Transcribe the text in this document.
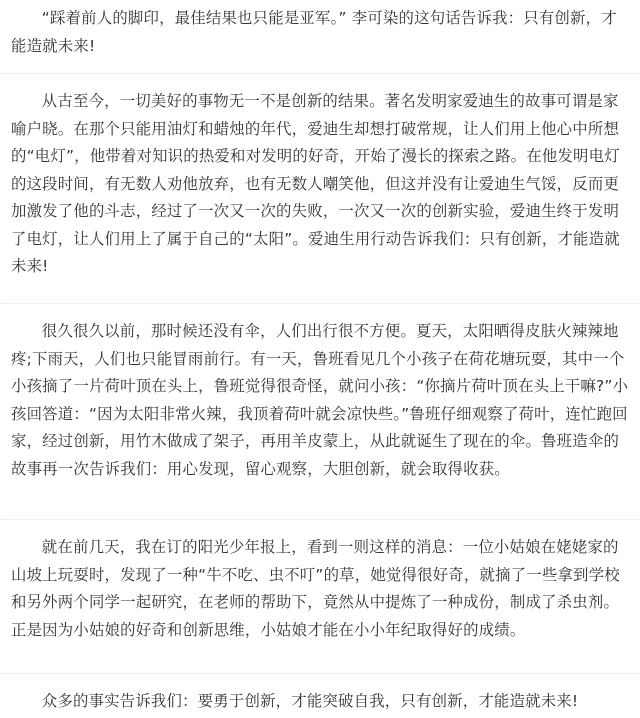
“踩着前人的脚印，最佳结果也只能是亚军。” 李可染的这句话告诉我：只有创新，才能造就未来!

从古至今，一切美好的事物无一不是创新的结果。著名发明家爱迪生的故事可谓是家喻户晓。在那个只能用油灯和蜡烛的年代，爱迪生却想打破常规，让人们用上他心中所想的“电灯”，他带着对知识的热爱和对发明的好奇，开始了漫长的探索之路。在他发明电灯的这段时间，有无数人劝他放弃，也有无数人嘲笑他，但这并没有让爱迪生气馁，反而更加激发了他的斗志，经过了一次又一次的失败，一次又一次的创新实验，爱迪生终于发明了电灯，让人们用上了属于自己的“太阳”。爱迪生用行动告诉我们：只有创新，才能造就未来!

很久很久以前，那时候还没有伞，人们出行很不方便。夏天，太阳晒得皮肤火辣辣地疼;下雨天，人们也只能冒雨前行。有一天，鲁班看见几个小孩子在荷花塘玩耍，其中一个小孩摘了一片荷叶顶在头上，鲁班觉得很奇怪，就问小孩：“你摘片荷叶顶在头上干嘛?”小孩回答道：“因为太阳非常火辣，我顶着荷叶就会凉快些。”鲁班仔细观察了荷叶，连忙跑回家，经过创新，用竹木做成了架子，再用羊皮蒙上，从此就诞生了现在的伞。鲁班造伞的故事再一次告诉我们：用心发现，留心观察，大胆创新，就会取得收获。

就在前几天，我在订的阳光少年报上，看到一则这样的消息：一位小姑娘在姥姥家的山坡上玩耍时，发现了一种“牛不吃、虫不叮”的草，她觉得很好奇，就摘了一些拿到学校和另外两个同学一起研究，在老师的帮助下，竟然从中提炼了一种成份，制成了杀虫剂。正是因为小姑娘的好奇和创新思维，小姑娘才能在小小年纪取得好的成绩。

众多的事实告诉我们：要勇于创新，才能突破自我，只有创新，才能造就未来!
